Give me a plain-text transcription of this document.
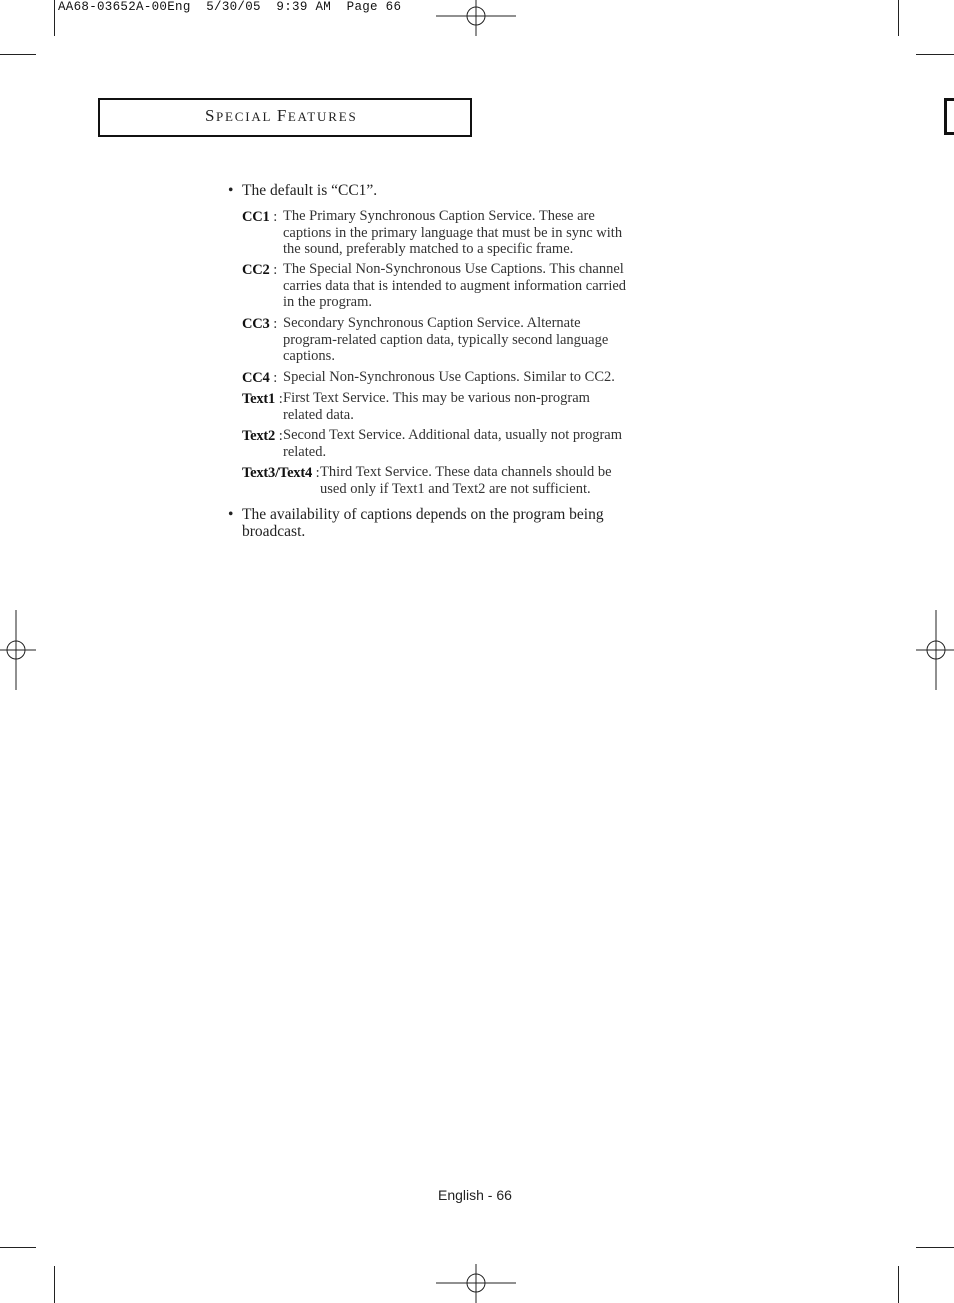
AA68-03652A-00Eng  5/30/05  9:39 AM  Page 66
SPECIAL FEATURES
• The default is “CC1”.
CC1 : The Primary Synchronous Caption Service. These are
captions in the primary language that must be in sync with
the sound, preferably matched to a specific frame.
CC2 : The Special Non-Synchronous Use Captions. This channel
carries data that is intended to augment information carried
in the program.
CC3 : Secondary Synchronous Caption Service. Alternate
program-related caption data, typically second language
captions.
CC4 : Special Non-Synchronous Use Captions. Similar to CC2.
Text1 : First Text Service. This may be various non-program
related data.
Text2 : Second Text Service. Additional data, usually not program
related.
Text3/Text4 : Third Text Service. These data channels should be
used only if Text1 and Text2 are not sufficient.
• The availability of captions depends on the program being
broadcast.
English - 66
